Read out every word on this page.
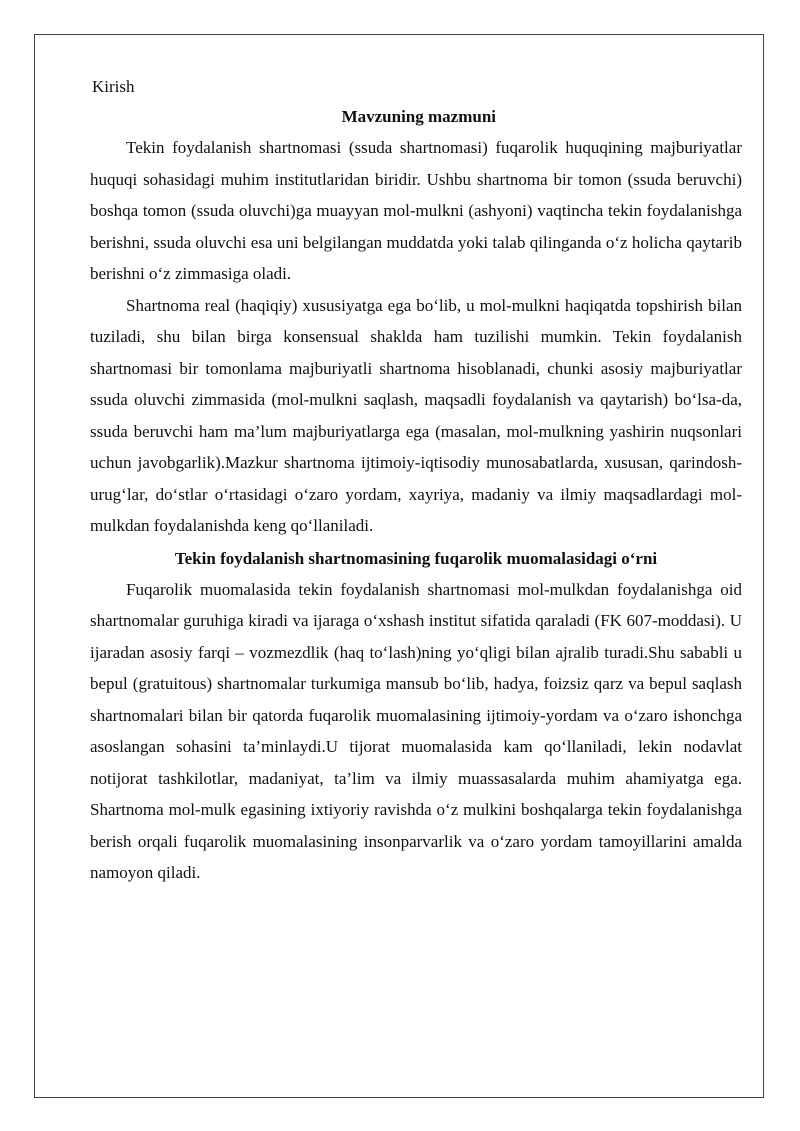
Kirish

Mavzuning mazmuni

Tekin foydalanish shartnomasi (ssuda shartnomasi) fuqarolik huquqining majburiyatlar huquqi sohasidagi muhim institutlaridan biridir. Ushbu shartnoma bir tomon (ssuda beruvchi) boshqa tomon (ssuda oluvchi)ga muayyan mol-mulkni (ashyoni) vaqtincha tekin foydalanishga berishni, ssuda oluvchi esa uni belgilangan muddatda yoki talab qilinganda o‘z holicha qaytarib berishni o‘z zimmasiga oladi.

Shartnoma real (haqiqiy) xususiyatga ega bo‘lib, u mol-mulkni haqiqatda topshirish bilan tuziladi, shu bilan birga konsensual shaklda ham tuzilishi mumkin. Tekin foydalanish shartnomasi bir tomonlama majburiyatli shartnoma hisoblanadi, chunki asosiy majburiyatlar ssuda oluvchi zimmasida (mol-mulkni saqlash, maqsadli foydalanish va qaytarish) bo‘lsa-da, ssuda beruvchi ham ma’lum majburiyatlarga ega (masalan, mol-mulkning yashirin nuqsonlari uchun javobgarlik).Mazkur shartnoma ijtimoiy-iqtisodiy munosabatlarda, xususan, qarindosh-urug‘lar, do‘stlar o‘rtasidagi o‘zaro yordam, xayriya, madaniy va ilmiy maqsadlardagi mol-mulkdan foydalanishda keng qo‘llaniladi.

Tekin foydalanish shartnomasining fuqarolik muomalasidagi o‘rni

Fuqarolik muomalasida tekin foydalanish shartnomasi mol-mulkdan foydalanishga oid shartnomalar guruhiga kiradi va ijaraga o‘xshash institut sifatida qaraladi (FK 607-moddasi). U ijaradan asosiy farqi – vozmezdlik (haq to‘lash)ning yo‘qligi bilan ajralib turadi.Shu sababli u bepul (gratuitous) shartnomalar turkumiga mansub bo‘lib, hadya, foizsiz qarz va bepul saqlash shartnomalari bilan bir qatorda fuqarolik muomalasining ijtimoiy-yordam va o‘zaro ishonchga asoslangan sohasini ta’minlaydi.U tijorat muomalasida kam qo‘llaniladi, lekin nodavlat notijorat tashkilotlar, madaniyat, ta’lim va ilmiy muassasalarda muhim ahamiyatga ega. Shartnoma mol-mulk egasining ixtiyoriy ravishda o‘z mulkini boshqalarga tekin foydalanishga berish orqali fuqarolik muomalasining insonparvarlik va o‘zaro yordam tamoyillarini amalda namoyon qiladi.
